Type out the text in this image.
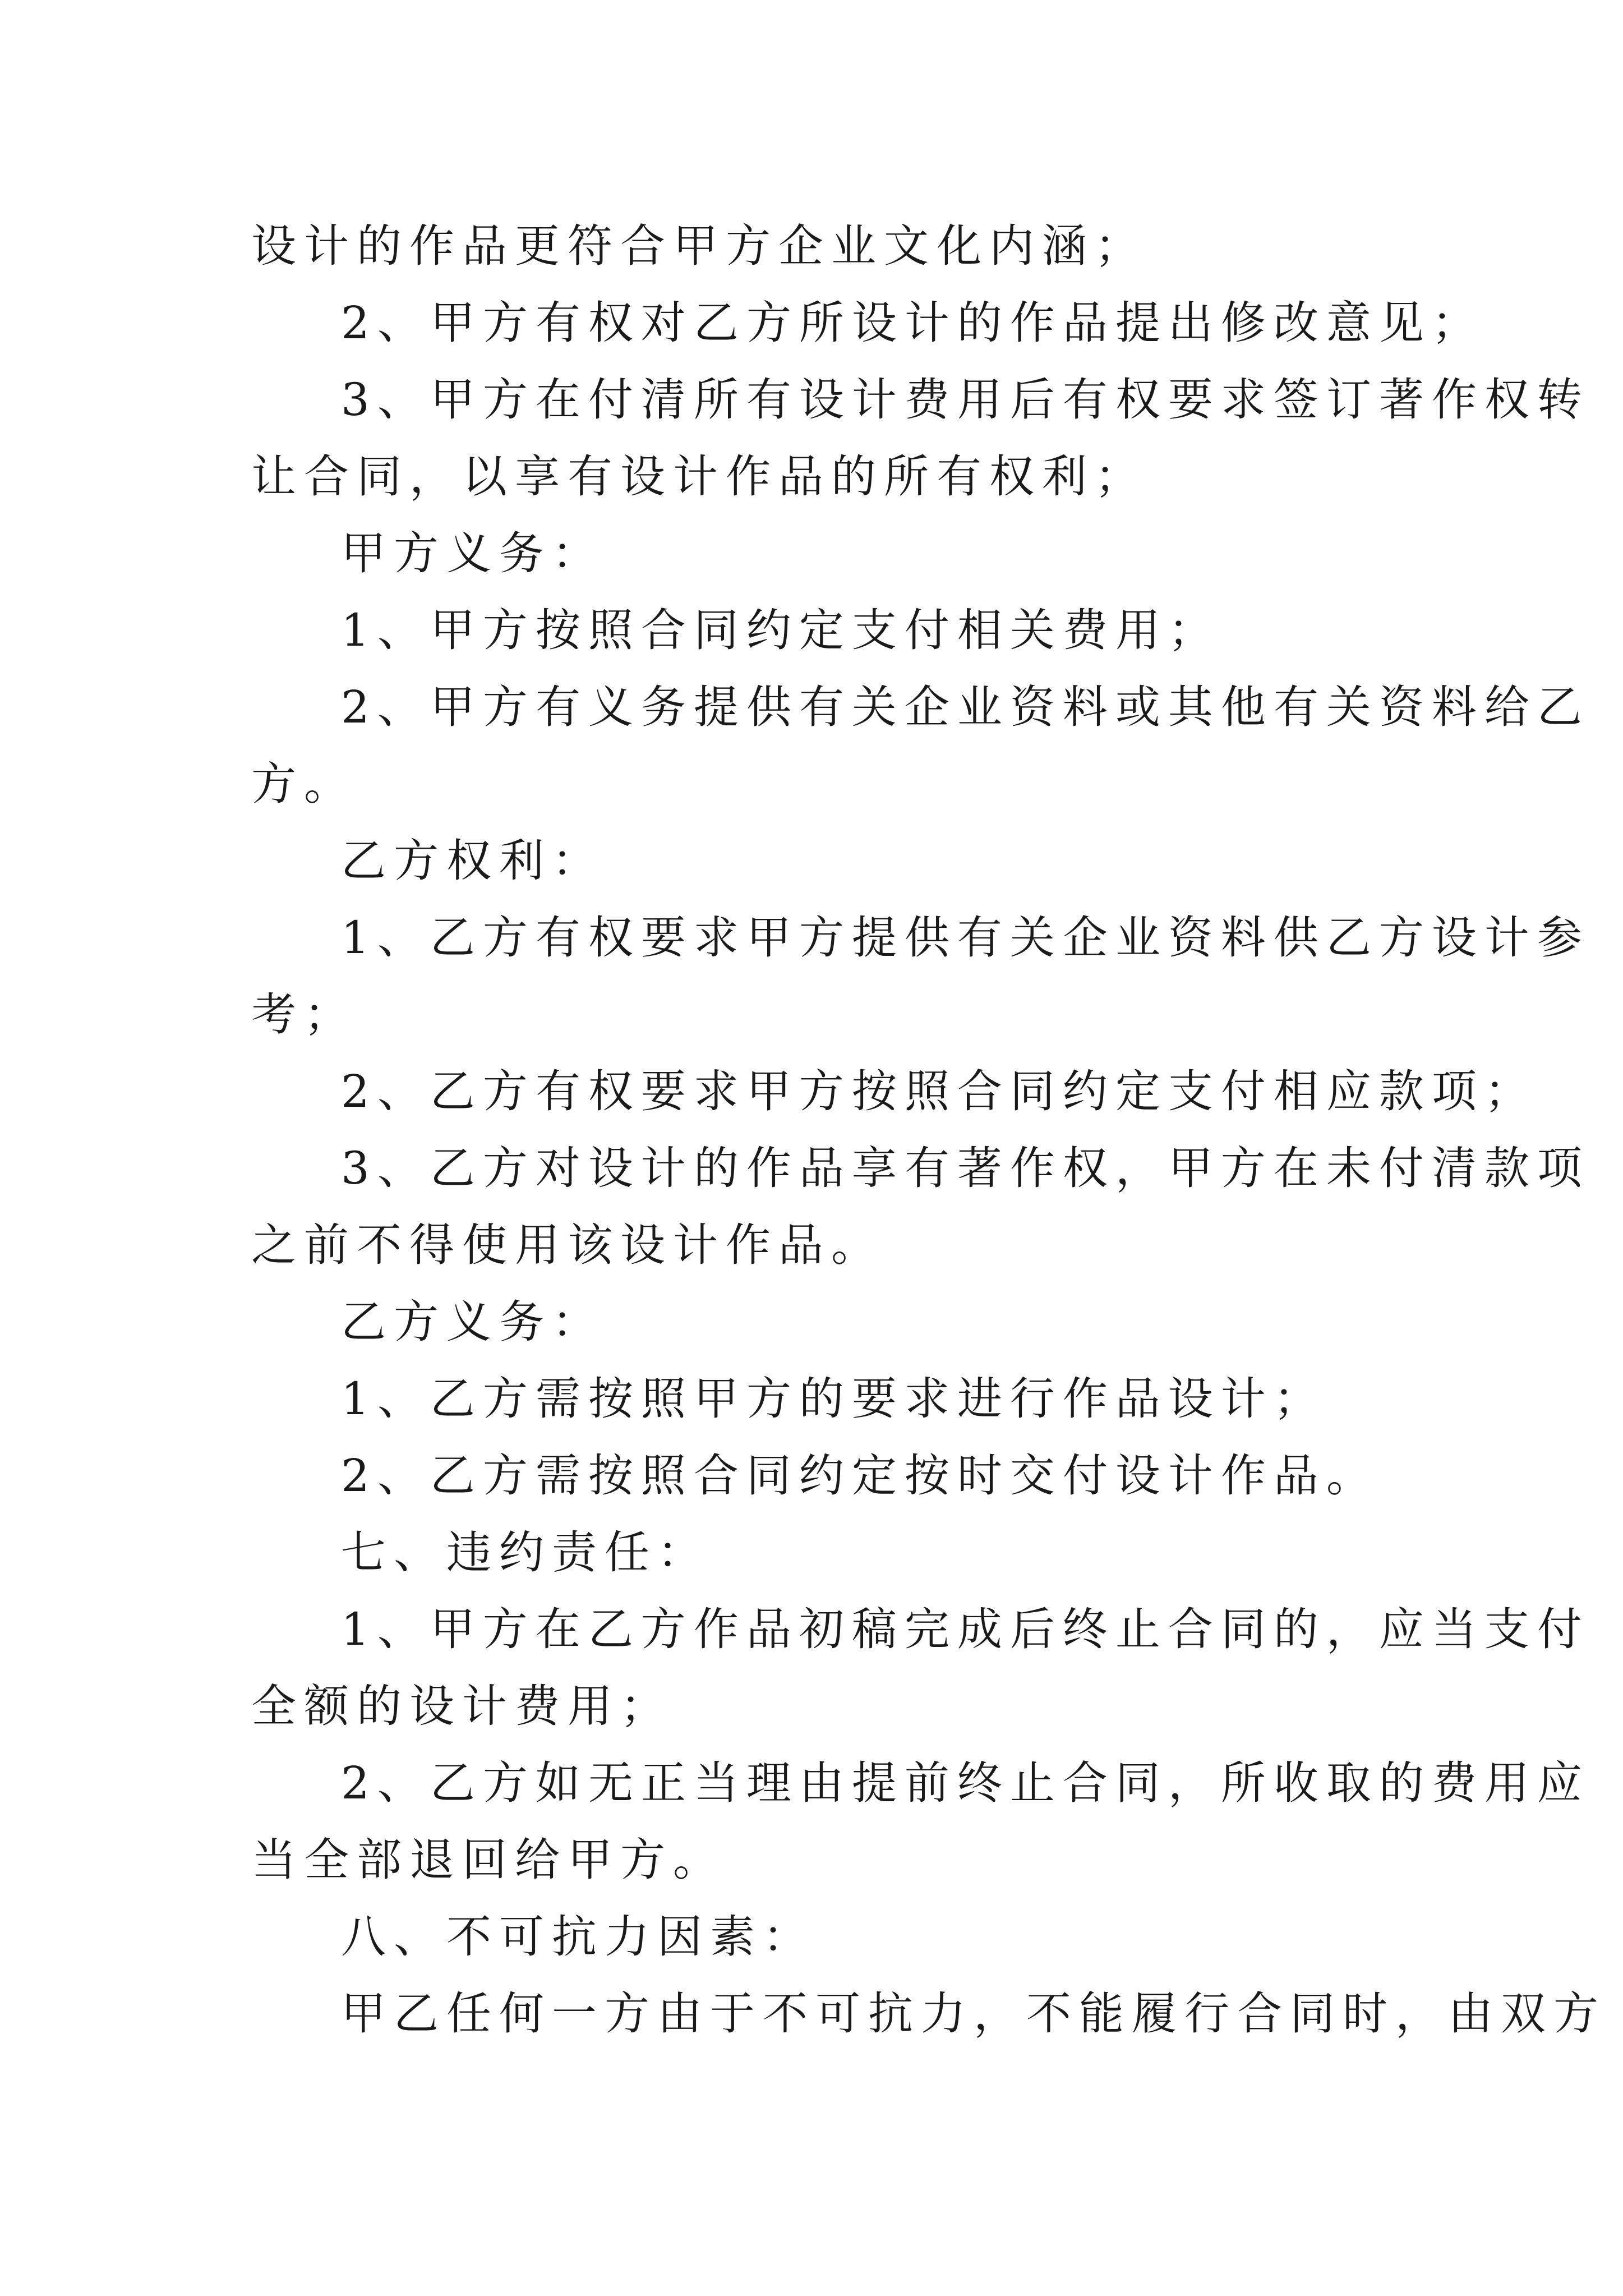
设计的作品更符合甲方企业文化内涵；
2、甲方有权对乙方所设计的作品提出修改意见；
3、甲方在付清所有设计费用后有权要求签订著作权转
让合同，以享有设计作品的所有权利；
甲方义务：
1、甲方按照合同约定支付相关费用；
2、甲方有义务提供有关企业资料或其他有关资料给乙
方。
乙方权利：
1、乙方有权要求甲方提供有关企业资料供乙方设计参
考；
2、乙方有权要求甲方按照合同约定支付相应款项；
3、乙方对设计的作品享有著作权，甲方在未付清款项
之前不得使用该设计作品。
乙方义务：
1、乙方需按照甲方的要求进行作品设计；
2、乙方需按照合同约定按时交付设计作品。
七、违约责任：
1、甲方在乙方作品初稿完成后终止合同的，应当支付
全额的设计费用；
2、乙方如无正当理由提前终止合同，所收取的费用应
当全部退回给甲方。
八、不可抗力因素：
甲乙任何一方由于不可抗力，不能履行合同时，由双方
